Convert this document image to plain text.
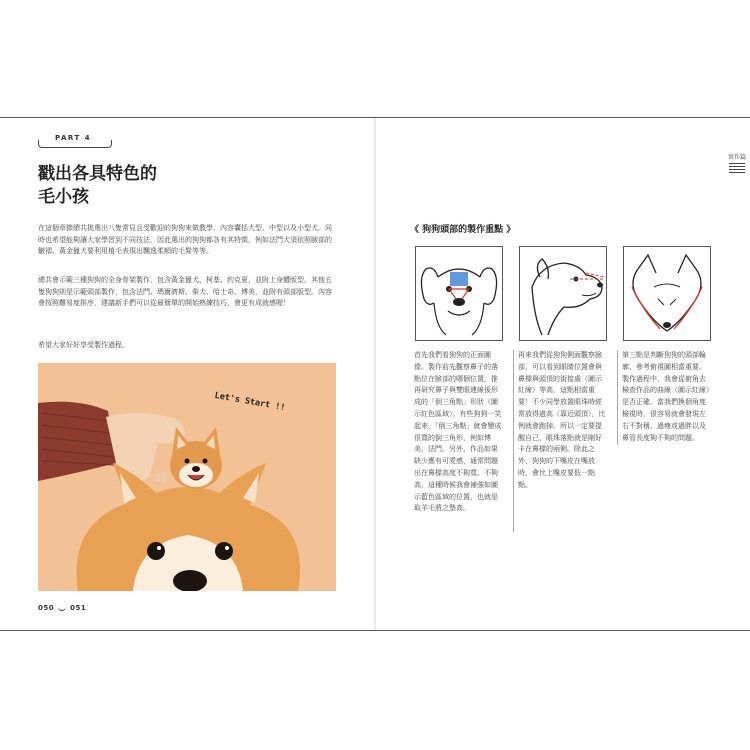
PART 4
戳出各具特色的
毛小孩

在這個章節總共挑選出八隻常見且受歡迎的狗狗來做教學，內容囊括大型、中型以及小型犬。同時也希望能夠讓大家學習到不同技法，因此選出的狗狗都各有其特徵，例如法鬥犬須依照臉部的皺褶、黃金獵犬要利用植毛表現出飄逸柔順的毛髮等等。

總共會示範三種狗狗的全身骨架製作，包含黃金獵犬、柯基、約克夏，並附上身體版型。其他五隻狗狗則是示範頭部製作，包含法鬥、瑪爾濟斯、柴犬、哈士奇、博美，並附有頭部版型。內容會按照難易度排序，建議新手們可以從最簡單的開始熟練技巧，會更有成就感喔！

希望大家好好享受製作過程。

Let's Start !!
050 051
實作篇
《 狗狗頭部的製作重點 》

首先我們看狗狗的正面圖像。製作前先觀察鼻子的落點位在臉部的哪個位置，推再研究鼻子與雙眼連線後形成的「倒三角點」形狀（圖示紅色區域）。有些狗狗一笑起來，「倒三角點」就會變成很寬的倒三角形，例如博美、法鬥。另外，作品如果缺少應有可愛感，通常問題出在鼻樑高度不夠寬。不夠高，這種時候我會補強如圖示藍色區域的位置，也就是取羊毛將之墊高。

再來我們從狗狗側面觀察臉部，可以看到眼睛位置會與鼻樑與頭頂的街接處（圖示紅線）等高，這點相當重要！不少同學放置眼珠時經常放得過高（靠近頭頂），比例就會跑掉。所以一定要提醒自己，眼珠落點就是剛好卡在鼻樑的兩側。除此之外，狗狗的下嘴皮在嘴放時，會比上嘴皮要低一點點。

第三點是判斷狗狗的頭部輪廓，參考俯視圖相當重要。製作過程中，我會從俯角去檢查作品的曲線（圖示紅線）是否正確。當我們換個角度檢視時，很容易就會發現左右不對稱、過瘦或過胖以及鼻管長度夠不夠的問題。
